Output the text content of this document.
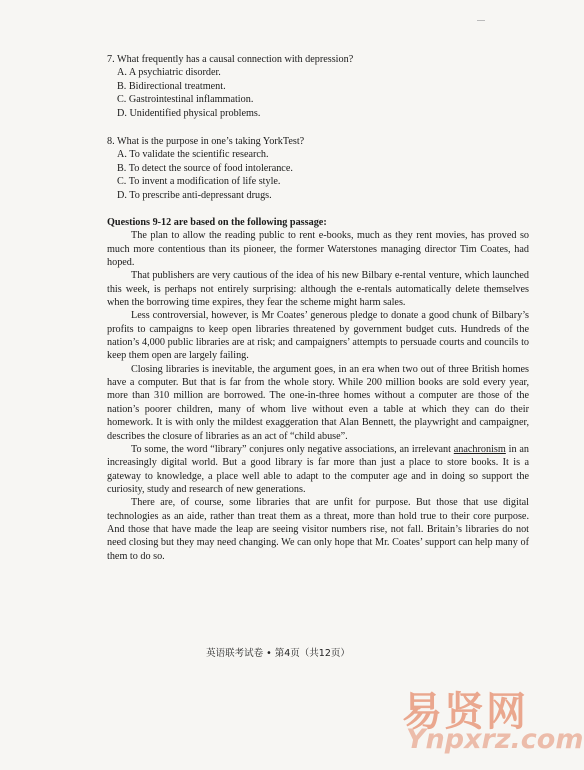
7. What frequently has a causal connection with depression?

A. A psychiatric disorder.

B. Bidirectional treatment.

C. Gastrointestinal inflammation.

D. Unidentified physical problems.

8. What is the purpose in one’s taking YorkTest?

A. To validate the scientific research.

B. To detect the source of food intolerance.

C. To invent a modification of life style.

D. To prescribe anti-depressant drugs.

Questions 9-12 are based on the following passage:

The plan to allow the reading public to rent e-books, much as they rent movies, has proved so much more contentious than its pioneer, the former Waterstones managing director Tim Coates, had hoped.

That publishers are very cautious of the idea of his new Bilbary e-rental venture, which launched this week, is perhaps not entirely surprising: although the e-rentals automatically delete themselves when the borrowing time expires, they fear the scheme might harm sales.

Less controversial, however, is Mr Coates’ generous pledge to donate a good chunk of Bilbary’s profits to campaigns to keep open libraries threatened by government budget cuts. Hundreds of the nation’s 4,000 public libraries are at risk; and campaigners’ attempts to persuade courts and councils to keep them open are largely failing.

Closing libraries is inevitable, the argument goes, in an era when two out of three British homes have a computer. But that is far from the whole story. While 200 million books are sold every year, more than 310 million are borrowed. The one-in-three homes without a computer are those of the nation’s poorer children, many of whom live without even a table at which they can do their homework. It is with only the mildest exaggeration that Alan Bennett, the playwright and campaigner, describes the closure of libraries as an act of “child abuse”.

To some, the word “library” conjures only negative associations, an irrelevant anachronism in an increasingly digital world. But a good library is far more than just a place to store books. It is a gateway to knowledge, a place well able to adapt to the computer age and in doing so support the curiosity, study and research of new generations.

There are, of course, some libraries that are unfit for purpose. But those that use digital technologies as an aide, rather than treat them as a threat, more than hold true to their core purpose. And those that have made the leap are seeing visitor numbers rise, not fall. Britain’s libraries do not need closing but they may need changing. We can only hope that Mr. Coates’ support can help many of them to do so.

英语联考试卷 • 第4页（共12页）
易贤网
Ynpxrz.com
